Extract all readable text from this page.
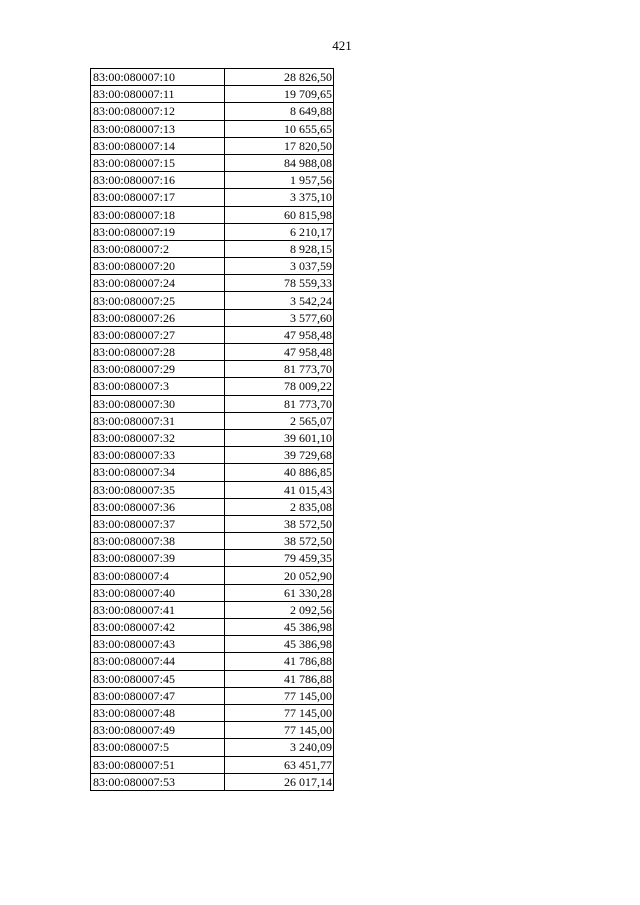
421
83:00:080007:10	28 826,50
83:00:080007:11	19 709,65
83:00:080007:12	8 649,88
83:00:080007:13	10 655,65
83:00:080007:14	17 820,50
83:00:080007:15	84 988,08
83:00:080007:16	1 957,56
83:00:080007:17	3 375,10
83:00:080007:18	60 815,98
83:00:080007:19	6 210,17
83:00:080007:2	8 928,15
83:00:080007:20	3 037,59
83:00:080007:24	78 559,33
83:00:080007:25	3 542,24
83:00:080007:26	3 577,60
83:00:080007:27	47 958,48
83:00:080007:28	47 958,48
83:00:080007:29	81 773,70
83:00:080007:3	78 009,22
83:00:080007:30	81 773,70
83:00:080007:31	2 565,07
83:00:080007:32	39 601,10
83:00:080007:33	39 729,68
83:00:080007:34	40 886,85
83:00:080007:35	41 015,43
83:00:080007:36	2 835,08
83:00:080007:37	38 572,50
83:00:080007:38	38 572,50
83:00:080007:39	79 459,35
83:00:080007:4	20 052,90
83:00:080007:40	61 330,28
83:00:080007:41	2 092,56
83:00:080007:42	45 386,98
83:00:080007:43	45 386,98
83:00:080007:44	41 786,88
83:00:080007:45	41 786,88
83:00:080007:47	77 145,00
83:00:080007:48	77 145,00
83:00:080007:49	77 145,00
83:00:080007:5	3 240,09
83:00:080007:51	63 451,77
83:00:080007:53	26 017,14
